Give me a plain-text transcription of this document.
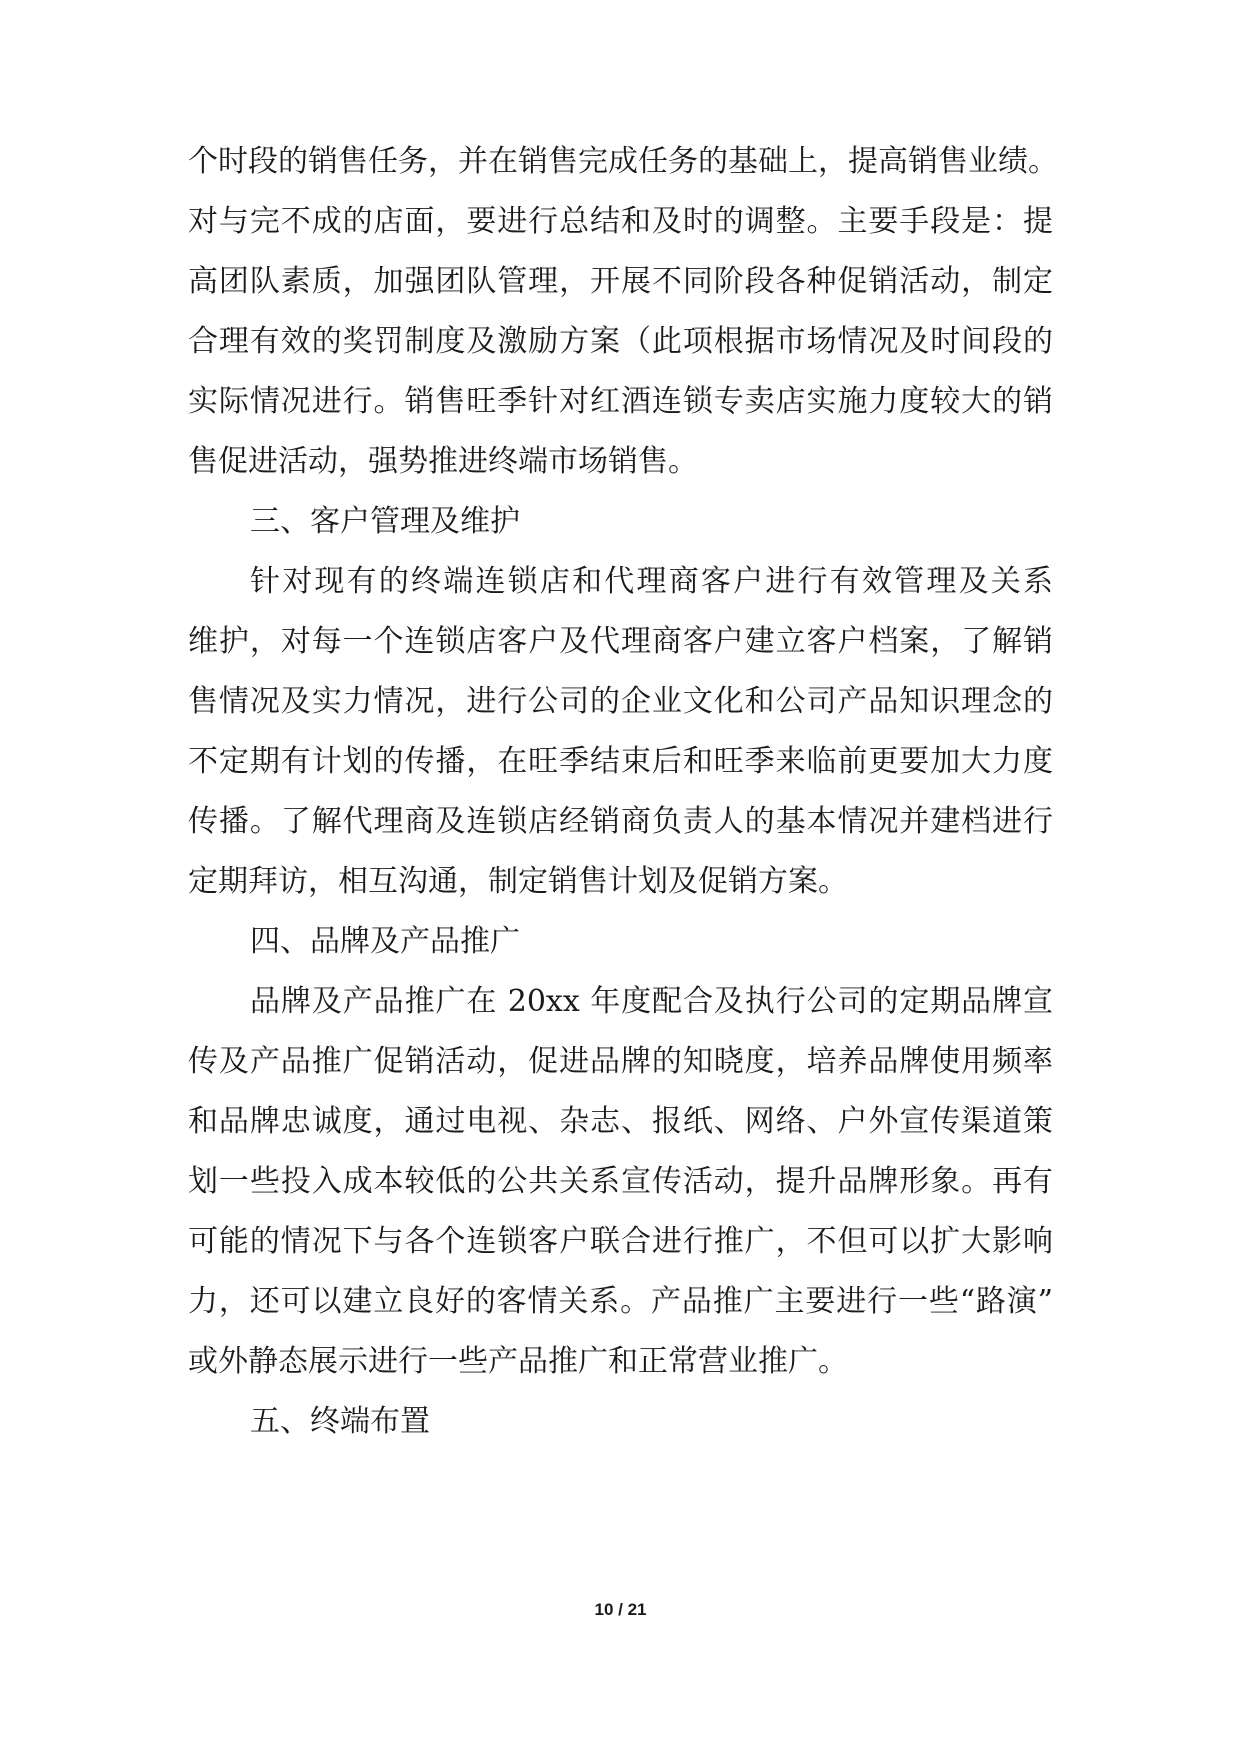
个时段的销售任务，并在销售完成任务的基础上，提高销售业绩。
对与完不成的店面，要进行总结和及时的调整。主要手段是：提
高团队素质，加强团队管理，开展不同阶段各种促销活动，制定
合理有效的奖罚制度及激励方案（此项根据市场情况及时间段的
实际情况进行。销售旺季针对红酒连锁专卖店实施力度较大的销
售促进活动，强势推进终端市场销售。
三、客户管理及维护
针对现有的终端连锁店和代理商客户进行有效管理及关系
维护，对每一个连锁店客户及代理商客户建立客户档案，了解销
售情况及实力情况，进行公司的企业文化和公司产品知识理念的
不定期有计划的传播，在旺季结束后和旺季来临前更要加大力度
传播。了解代理商及连锁店经销商负责人的基本情况并建档进行
定期拜访，相互沟通，制定销售计划及促销方案。
四、品牌及产品推广
品牌及产品推广在 20xx 年度配合及执行公司的定期品牌宣
传及产品推广促销活动，促进品牌的知晓度，培养品牌使用频率
和品牌忠诚度，通过电视、杂志、报纸、网络、户外宣传渠道策
划一些投入成本较低的公共关系宣传活动，提升品牌形象。再有
可能的情况下与各个连锁客户联合进行推广，不但可以扩大影响
力，还可以建立良好的客情关系。产品推广主要进行一些“路演”
或外静态展示进行一些产品推广和正常营业推广。
五、终端布置
10 / 21
